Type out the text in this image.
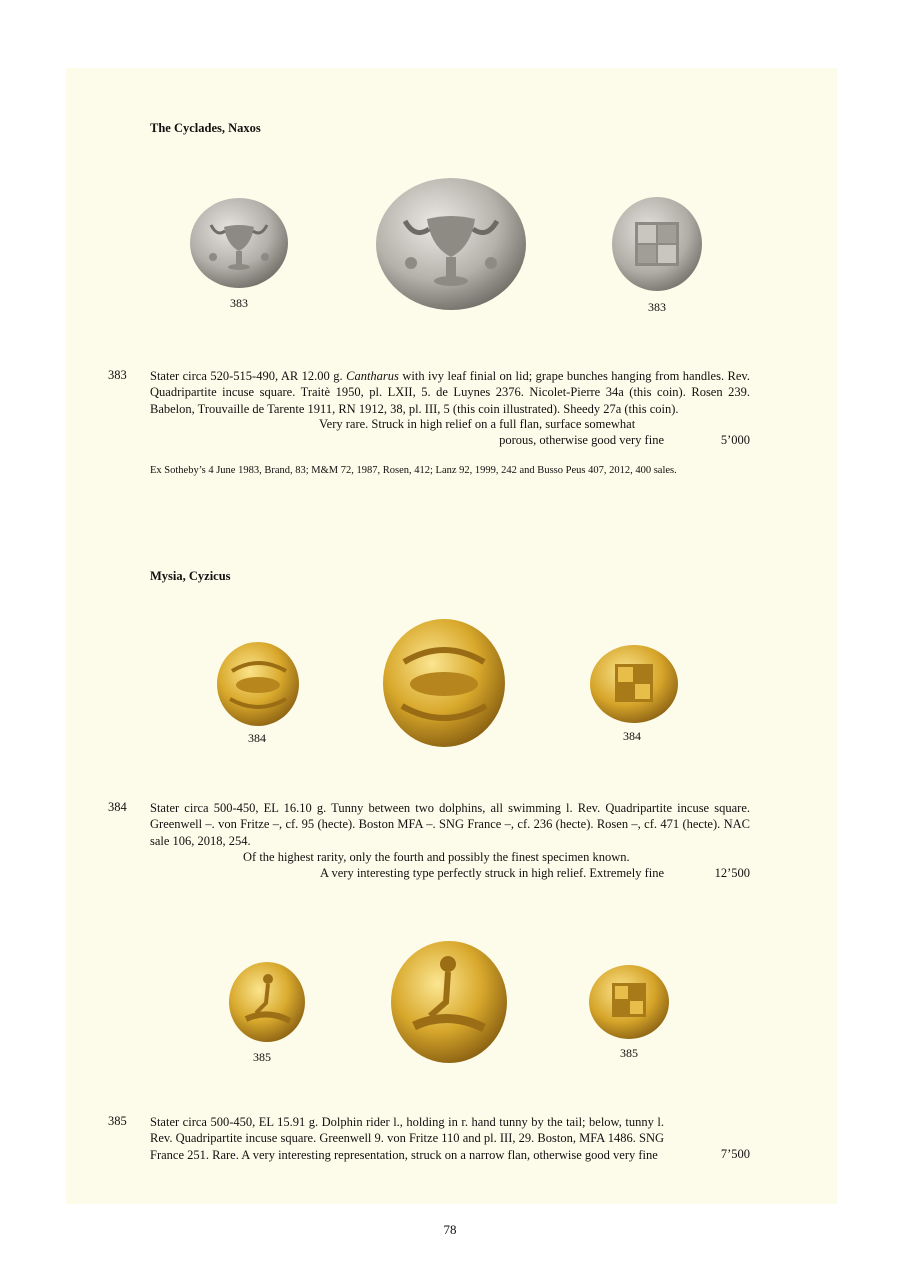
The Cyclades, Naxos
383	383
383 Stater circa 520-515-490, AR 12.00 g. Cantharus with ivy leaf finial on lid; grape bunches hanging from handles. Rev. Quadripartite incuse square. Traitè 1950, pl. LXII, 5. de Luynes 2376. Nicolet-Pierre 34a (this coin). Rosen 239. Babelon, Trouvaille de Tarente 1911, RN 1912, 38, pl. III, 5 (this coin illustrated). Sheedy 27a (this coin).
Very rare. Struck in high relief on a full flan, surface somewhat
porous, otherwise good very fine	5’000
Ex Sotheby’s 4 June 1983, Brand, 83; M&M 72, 1987, Rosen, 412; Lanz 92, 1999, 242 and Busso Peus 407, 2012, 400 sales.
Mysia, Cyzicus
384	384
384 Stater circa 500-450, EL 16.10 g. Tunny between two dolphins, all swimming l. Rev. Quadripartite incuse square. Greenwell –. von Fritze –, cf. 95 (hecte). Boston MFA –. SNG France –, cf. 236 (hecte). Rosen –, cf. 471 (hecte). NAC sale 106, 2018, 254.
Of the highest rarity, only the fourth and possibly the finest specimen known.
A very interesting type perfectly struck in high relief. Extremely fine	12’500
385	385
385 Stater circa 500-450, EL 15.91 g. Dolphin rider l., holding in r. hand tunny by the tail; below, tunny l. Rev. Quadripartite incuse square. Greenwell 9. von Fritze 110 and pl. III, 29. Boston, MFA 1486. SNG France 251. Rare. A very interesting representation, struck on a narrow flan, otherwise good very fine	7’500
78
